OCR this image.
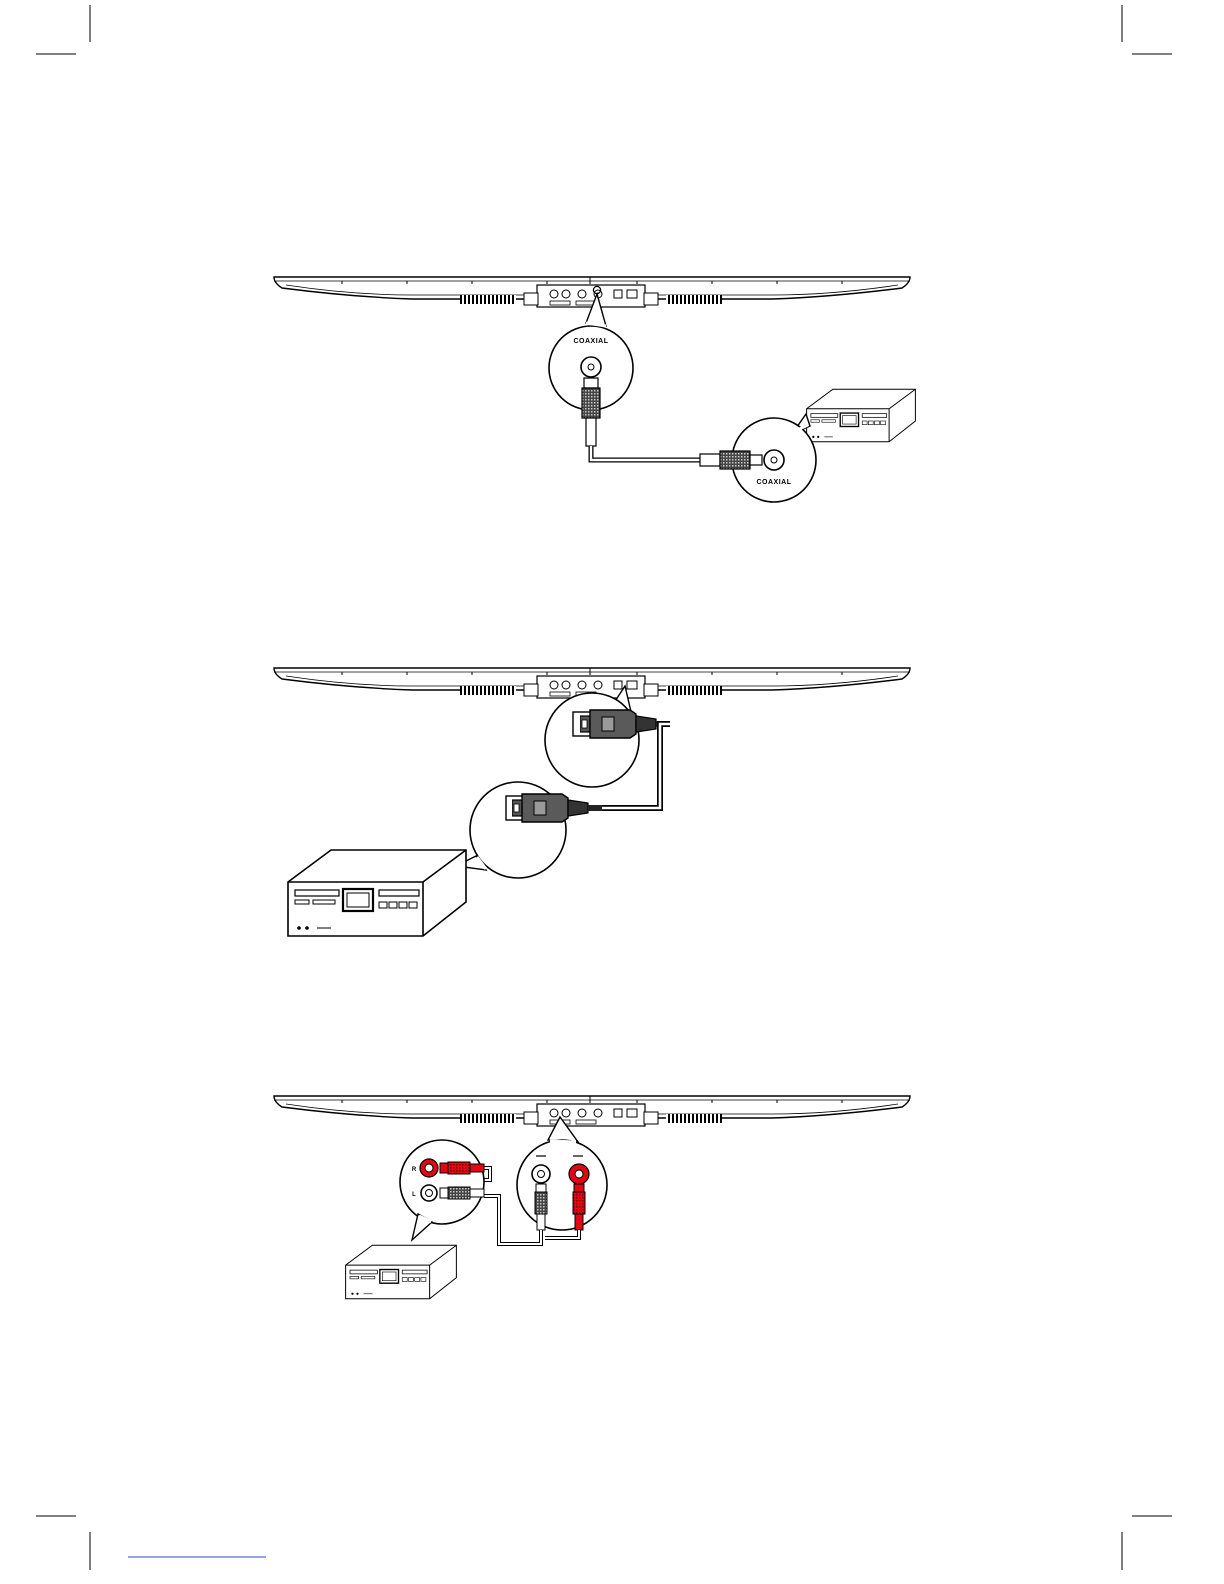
COAXIAL
COAXIAL
R
L
